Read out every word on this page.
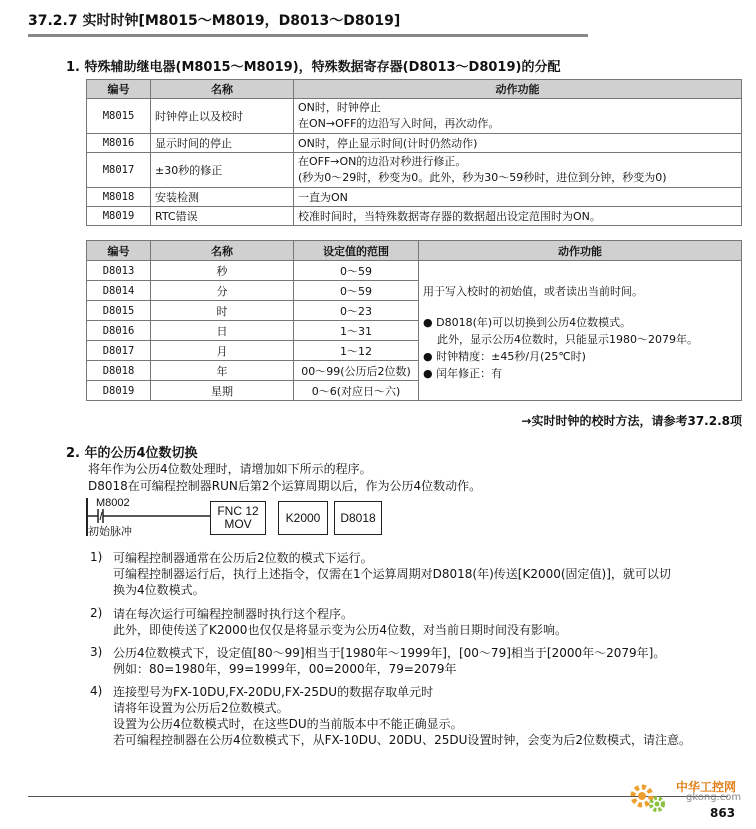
37.2.7 实时时钟[M8015～M8019，D8013～D8019]
1. 特殊辅助继电器(M8015～M8019)，特殊数据寄存器(D8013～D8019)的分配
编号	名称	动作功能
M8015	时钟停止以及校时	ON时，时钟停止
在ON→OFF的边沿写入时间，再次动作。

M8016	显示时间的停止	ON时，停止显示时间(计时仍然动作)
M8017	±30秒的修正	在OFF→ON的边沿对秒进行修正。
(秒为0～29时，秒变为0。此外，秒为30～59秒时，进位到分钟，秒变为0)

M8018	安装检测	一直为ON
M8019	RTC错误	校准时间时，当特殊数据寄存器的数据超出设定范围时为ON。
编号	名称	设定值的范围	动作功能
D8013	秒	0～59	用于写入校时的初始值，或者读出当前时间。
● D8018(年)可以切换到公历4位数模式。
此外，显示公历4位数时，只能显示1980～2079年。
● 时钟精度：±45秒/月(25℃时)
● 闰年修正：有

D8014	分	0～59	
D8015	时	0～23	
D8016	日	1～31	
D8017	月	1～12	
D8018	年	00～99(公历后2位数)	
D8019	星期	0～6(对应日～六)	
→实时时钟的校时方法，请参考37.2.8项
2. 年的公历4位数切换
将年作为公历4位数处理时，请增加如下所示的程序。
D8018在可编程控制器RUN后第2个运算周期以后，作为公历4位数动作。
M8002
初始脉冲
FNC 12
MOV	K2000 D8018
1) 可编程控制器通常在公历后2位数的模式下运行。
可编程控制器运行后，执行上述指令，仅需在1个运算周期对D8018(年)传送[K2000(固定值)]，就可以切
换为4位数模式。
2) 请在每次运行可编程控制器时执行这个程序。
此外，即使传送了K2000也仅仅是将显示变为公历4位数，对当前日期时间没有影响。
3) 公历4位数模式下，设定值[80～99]相当于[1980年～1999年]，[00～79]相当于[2000年～2079年]。
例如：80=1980年，99=1999年，00=2000年，79=2079年
4) 连接型号为FX-10DU,FX-20DU,FX-25DU的数据存取单元时
请将年设置为公历后2位数模式。
设置为公历4位数模式时，在这些DU的当前版本中不能正确显示。
若可编程控制器在公历4位数模式下，从FX-10DU、20DU、25DU设置时钟，会变为后2位数模式，请注意。
中华工控网
gkong.com
863
